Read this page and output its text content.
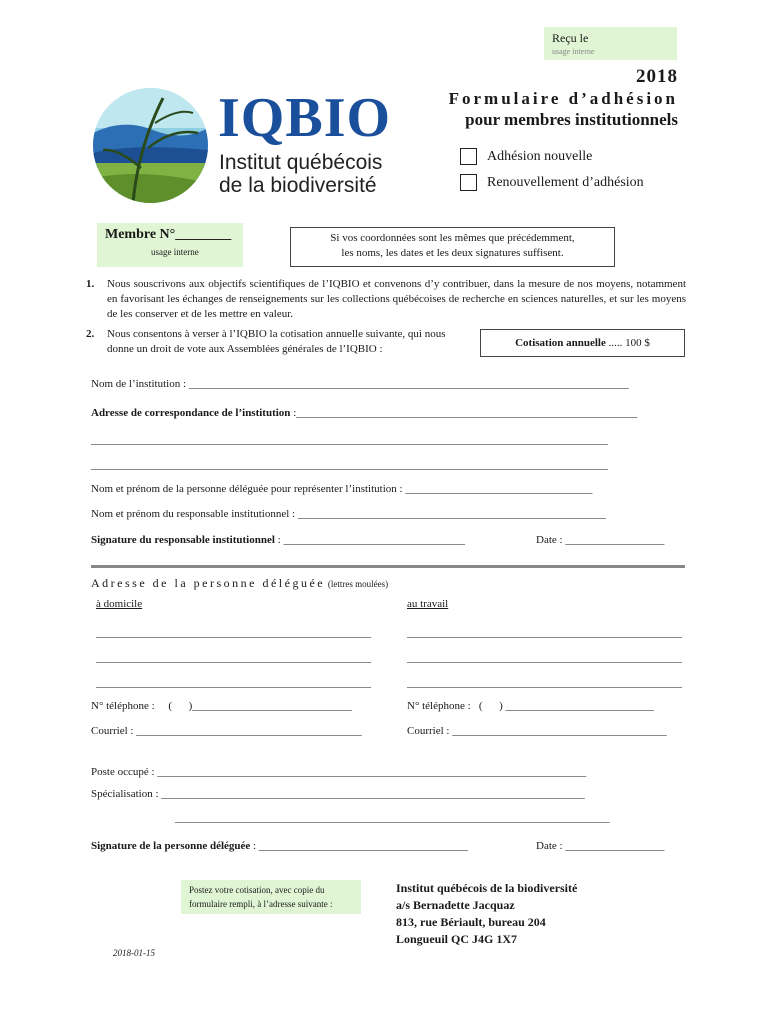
Reçu le
usage interne
2018
Formulaire d’adhésion
pour membres institutionnels
IQBIO
Institut québécois
de la biodiversité
Adhésion nouvelle
Renouvellement d’adhésion
Membre N°________
usage interne
Si vos coordonnées sont les mêmes que précédemment,
les noms, les dates et les deux signatures suffisent.
1. Nous souscrivons aux objectifs scientifiques de l’IQBIO et convenons d’y contribuer, dans la mesure de nos moyens, notamment en favorisant les échanges de renseignements sur les collections québécoises de recherche en sciences naturelles, et sur les moyens de les conserver et de les mettre en valeur.
2. Nous consentons à verser à l’IQBIO la cotisation annuelle suivante, qui nous donne un droit de vote aux Assemblées générales de l’IQBIO :	Cotisation annuelle ..... 100 $
Nom de l’institution : ________________________________________________________________________________
Adresse de correspondance de l’institution :______________________________________________________________
______________________________________________________________________________________________
______________________________________________________________________________________________
Nom et prénom de la personne déléguée pour représenter l’institution : __________________________________
Nom et prénom du responsable institutionnel : ________________________________________________________
Signature du responsable institutionnel : _________________________________	Date : __________________
Adresse de la personne déléguée (lettres moulées)
à domicile	au travail
__________________________________________________
__________________________________________________
__________________________________________________
__________________________________________________
__________________________________________________
__________________________________________________
N° téléphone :     (      )_____________________________	N° téléphone :   (      ) ___________________________
Courriel : _________________________________________	Courriel : _______________________________________
Poste occupé : ______________________________________________________________________________
Spécialisation : _____________________________________________________________________________
_______________________________________________________________________________
Signature de la personne déléguée : ______________________________________	Date : __________________
Postez votre cotisation, avec copie du
formulaire rempli, à l’adresse suivante :
Institut québécois de la biodiversité
a/s Bernadette Jacquaz
813, rue Bériault, bureau 204
Longueuil QC J4G 1X7
2018-01-15
